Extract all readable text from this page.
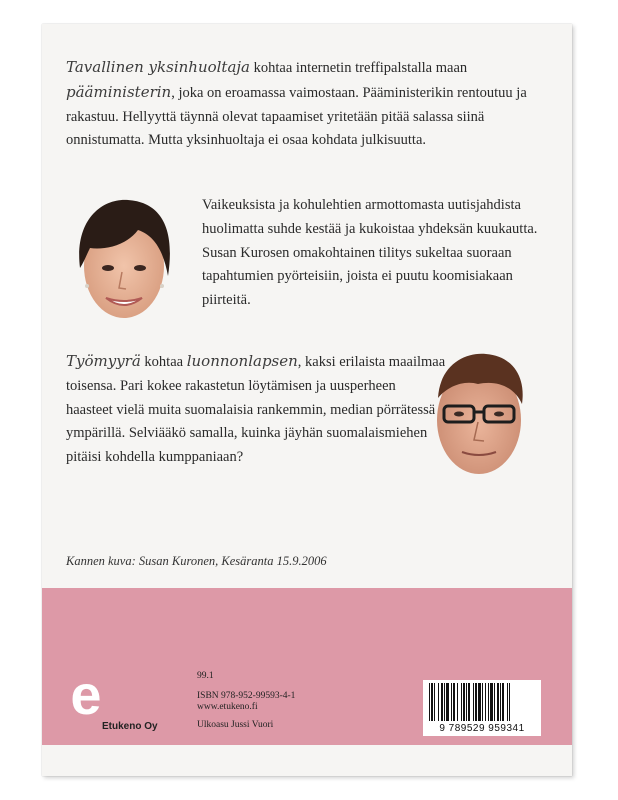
Tavallinen yksinhuoltaja kohtaa internetin treffipalstalla maan pääministerin, joka on eroamassa vaimostaan. Pääministerikin rentoutuu ja rakastuu. Hellyyttä täynnä olevat tapaamiset yritetään pitää salassa siinä onnistumatta. Mutta yksinhuoltaja ei osaa kohdata julkisuutta.

Vaikeuksista ja kohulehtien armottomasta uutisjahdista huolimatta suhde kestää ja kukoistaa yhdeksän kuukautta. Susan Kurosen omakohtainen tilitys sukeltaa suoraan tapahtumien pyörteisiin, joista ei puutu koomisiakaan piirteitä.

Työmyyrä kohtaa luonnonlapsen, kaksi erilaista maailmaa toisensa. Pari kokee rakastetun löytämisen ja uusperheen haasteet vielä muita suomalaisia rankemmin, median pörrätessä ympärillä. Selviääkö samalla, kuinka jäyhän suomalaismiehen pitäisi kohdella kumppaniaan?

Kannen kuva: Susan Kuronen, Kesäranta 15.9.2006

e

Etukeno Oy

99.1
ISBN 978-952-99593-4-1
www.etukeno.fi
Ulkoasu Jussi Vuori	9 789529 959341
